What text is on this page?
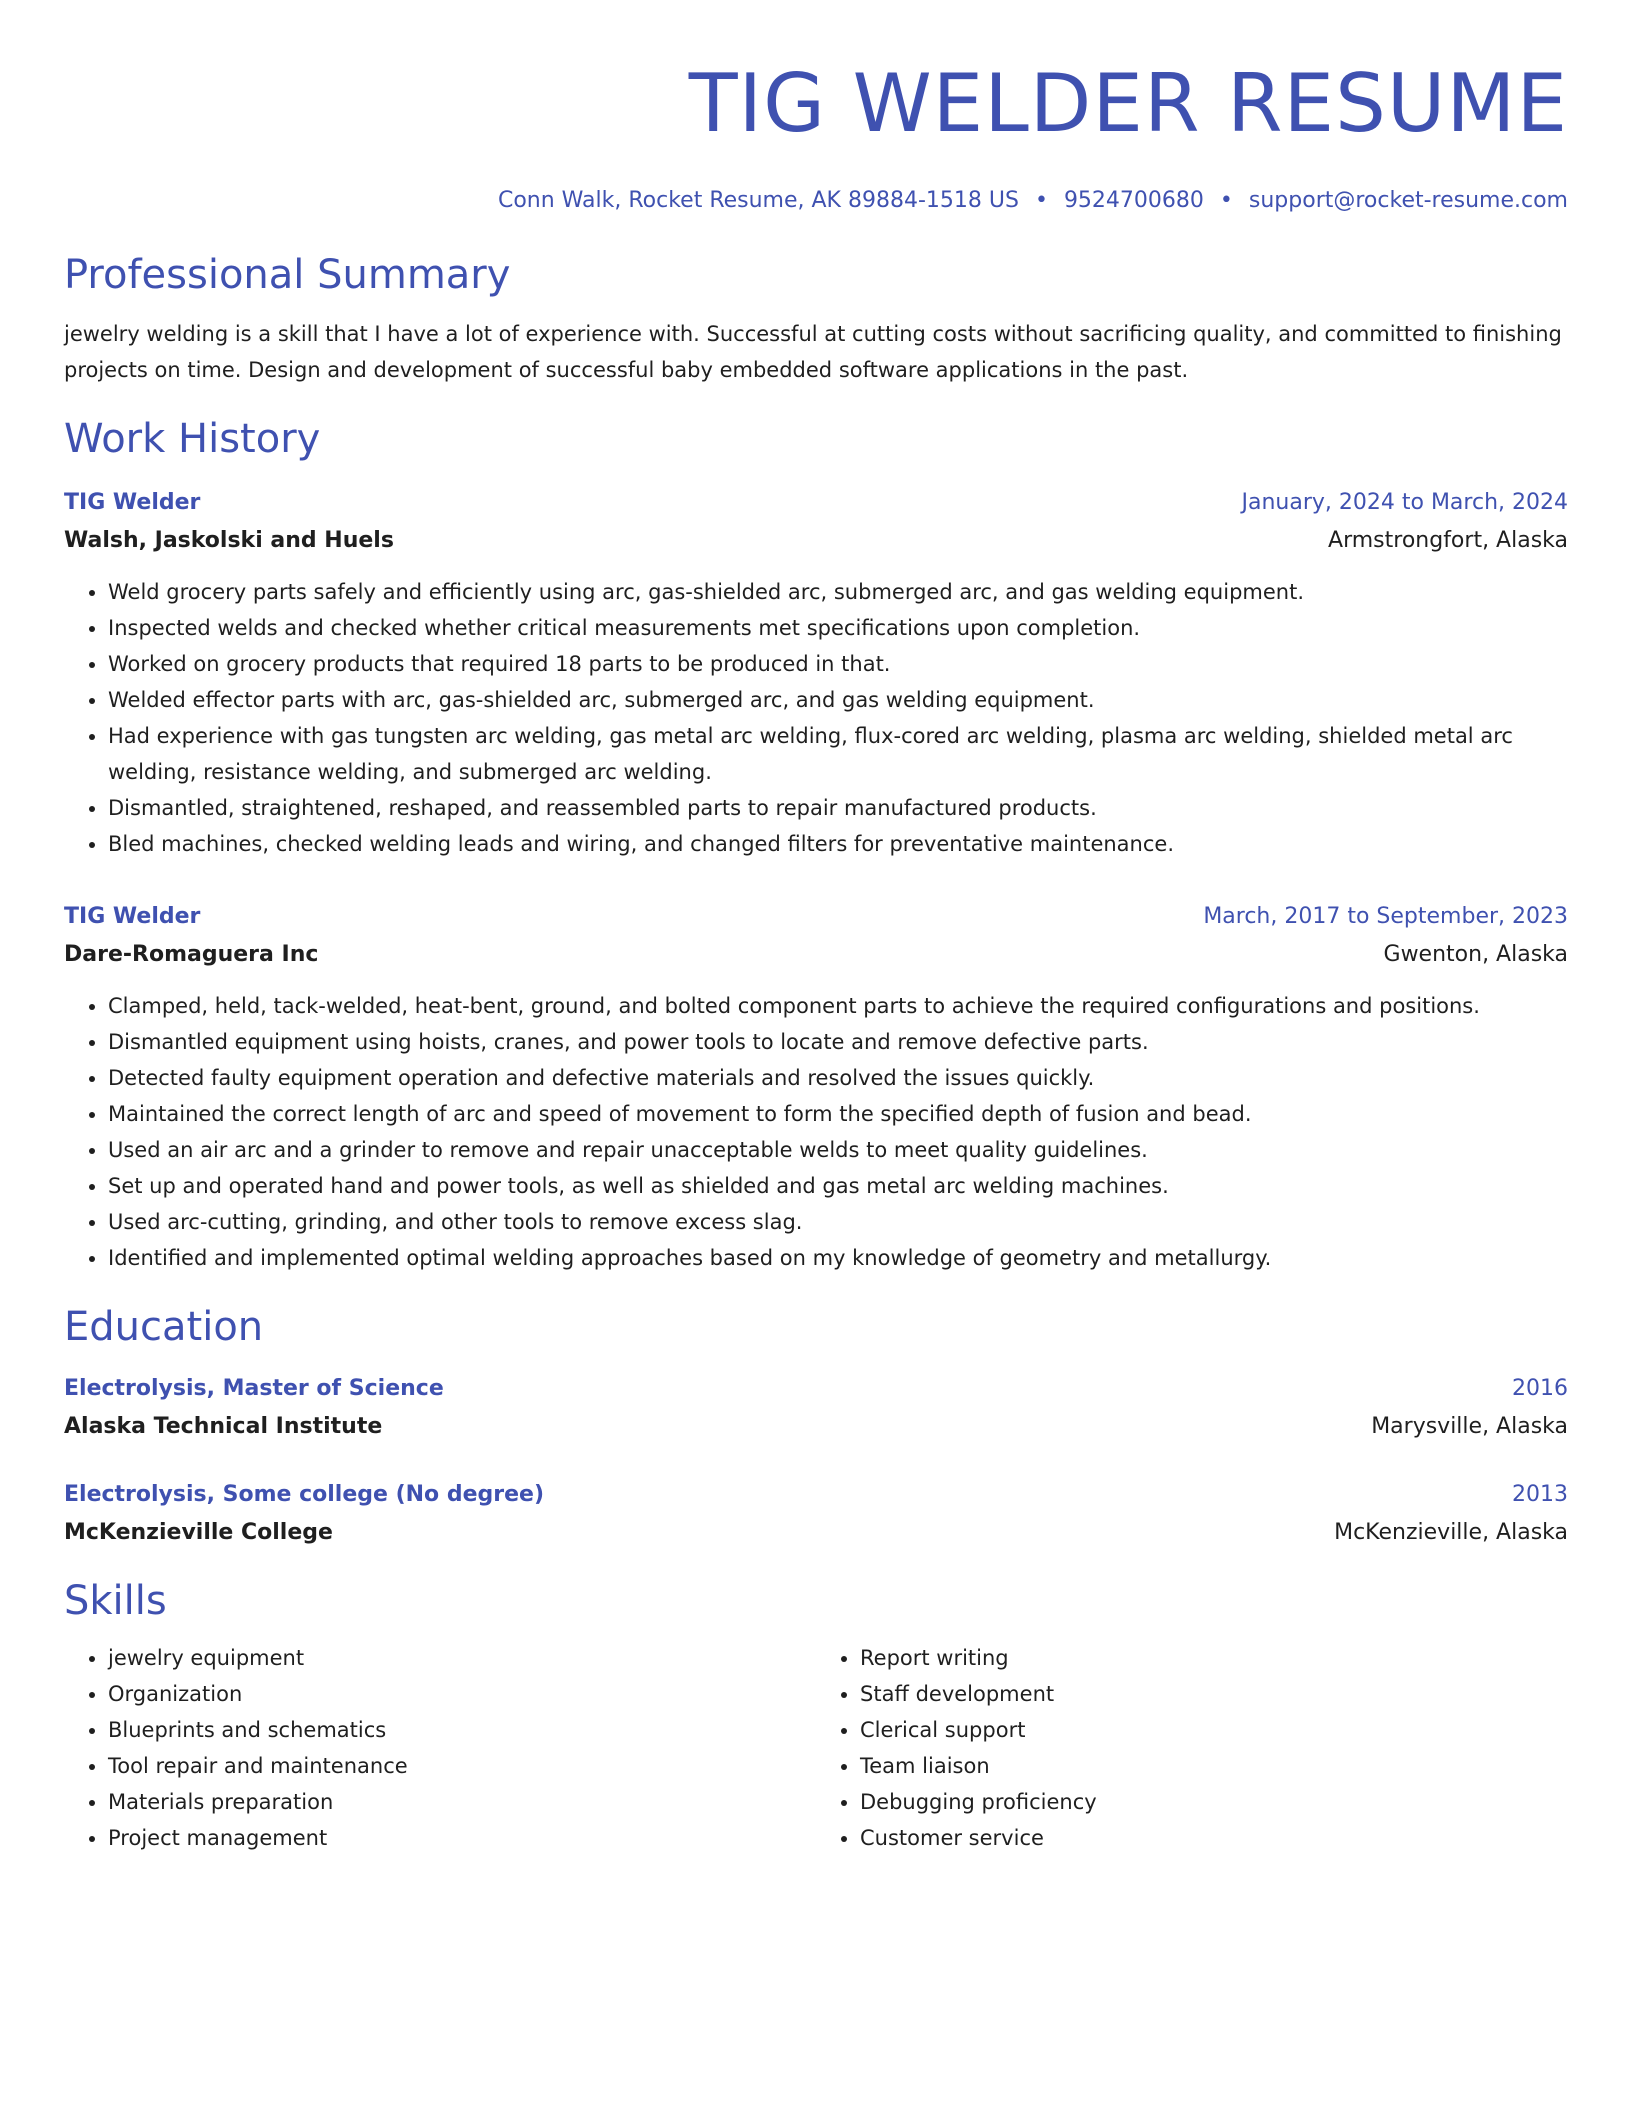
TIG WELDER RESUME
Conn Walk, Rocket Resume, AK 89884-1518 US • 9524700680 • support@rocket-resume.com
Professional Summary

jewelry welding is a skill that I have a lot of experience with. Successful at cutting costs without sacrificing quality, and committed to finishing projects on time. Design and development of successful baby embedded software applications in the past.

Work History
TIG Welder	January, 2024 to March, 2024
Walsh, Jaskolski and Huels	Armstrongfort, Alaska
• Weld grocery parts safely and efficiently using arc, gas-shielded arc, submerged arc, and gas welding equipment.
• Inspected welds and checked whether critical measurements met specifications upon completion.
• Worked on grocery products that required 18 parts to be produced in that.
• Welded effector parts with arc, gas-shielded arc, submerged arc, and gas welding equipment.
• Had experience with gas tungsten arc welding, gas metal arc welding, flux-cored arc welding, plasma arc welding, shielded metal arc welding, resistance welding, and submerged arc welding.
• Dismantled, straightened, reshaped, and reassembled parts to repair manufactured products.
• Bled machines, checked welding leads and wiring, and changed filters for preventative maintenance.
TIG Welder	March, 2017 to September, 2023
Dare-Romaguera Inc	Gwenton, Alaska
• Clamped, held, tack-welded, heat-bent, ground, and bolted component parts to achieve the required configurations and positions.
• Dismantled equipment using hoists, cranes, and power tools to locate and remove defective parts.
• Detected faulty equipment operation and defective materials and resolved the issues quickly.
• Maintained the correct length of arc and speed of movement to form the specified depth of fusion and bead.
• Used an air arc and a grinder to remove and repair unacceptable welds to meet quality guidelines.
• Set up and operated hand and power tools, as well as shielded and gas metal arc welding machines.
• Used arc-cutting, grinding, and other tools to remove excess slag.
• Identified and implemented optimal welding approaches based on my knowledge of geometry and metallurgy.
Education
Electrolysis, Master of Science	2016
Alaska Technical Institute	Marysville, Alaska
Electrolysis, Some college (No degree)	2013
McKenzieville College	McKenzieville, Alaska
Skills
• jewelry equipment
• Organization
• Blueprints and schematics
• Tool repair and maintenance
• Materials preparation
• Project management
• Report writing
• Staff development
• Clerical support
• Team liaison
• Debugging proficiency
• Customer service
